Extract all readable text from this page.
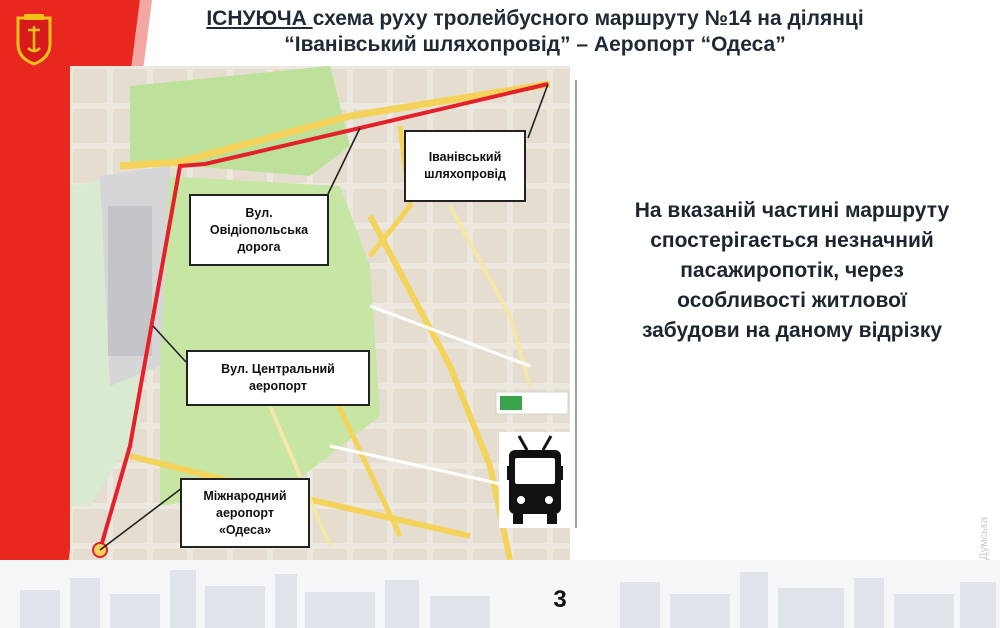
ІСНУЮЧА схема руху тролейбусного маршруту №14 на ділянці
“Іванівський шляхопровід” – Аеропорт “Одеса”
Іванівський
шляхопровід
Вул.
Овідіопольська
дорога
Вул. Центральний
аеропорт
Міжнародний
аеропорт
«Одеса»
На вказаній частині маршруту
спостерігається незначний
пасажиропотік, через
особливості житлової
забудови на даному відрізку
3
Думська
